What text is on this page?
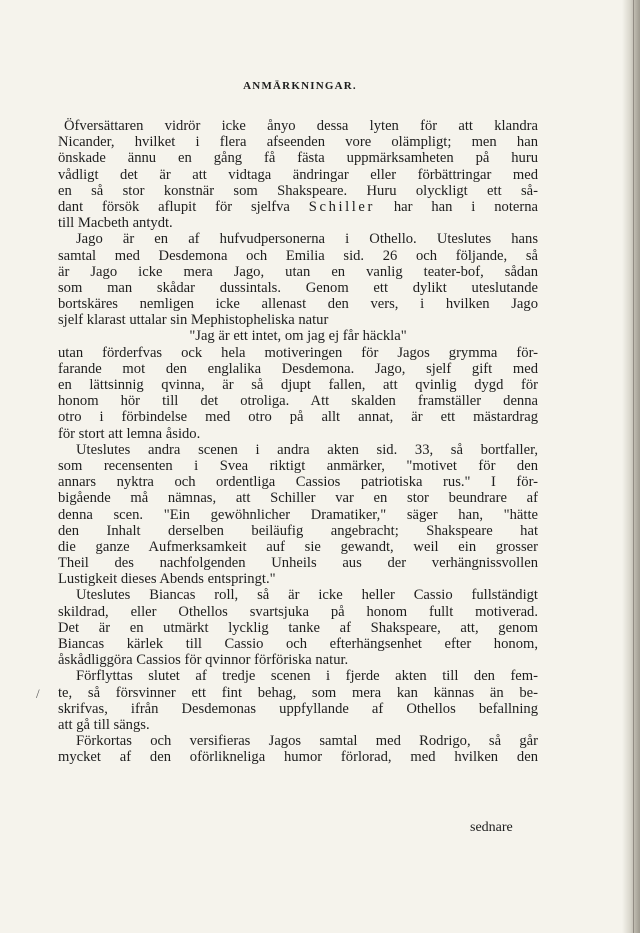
ANMÄRKNINGAR.
Öfversättaren vidrör icke ånyo dessa lyten för att klandra
Nicander, hvilket i flera afseenden vore olämpligt; men han
önskade ännu en gång få fästa uppmärksamheten på huru
vådligt det är att vidtaga ändringar eller förbättringar med
en så stor konstnär som Shakspeare. Huru olyckligt ett så-
dant försök aflupit för sjelfva Schiller har han i noterna
till Macbeth antydt.
Jago är en af hufvudpersonerna i Othello. Uteslutes hans
samtal med Desdemona och Emilia sid. 26 och följande, så
är Jago icke mera Jago, utan en vanlig teater-bof, sådan
som man skådar dussintals. Genom ett dylikt uteslutande
bortskäres nemligen icke allenast den vers, i hvilken Jago
sjelf klarast uttalar sin Mephistopheliska natur
"Jag är ett intet, om jag ej får häckla"
utan förderfvas ock hela motiveringen för Jagos grymma för-
farande mot den englalika Desdemona. Jago, sjelf gift med
en lättsinnig qvinna, är så djupt fallen, att qvinlig dygd för
honom hör till det otroliga. Att skalden framställer denna
otro i förbindelse med otro på allt annat, är ett mästardrag
för stort att lemna åsido.
Uteslutes andra scenen i andra akten sid. 33, så bortfaller,
som recensenten i Svea riktigt anmärker, "motivet för den
annars nyktra och ordentliga Cassios patriotiska rus." I för-
bigående må nämnas, att Schiller var en stor beundrare af
denna scen. "Ein gewöhnlicher Dramatiker," säger han, "hätte
den Inhalt derselben beiläufig angebracht; Shakspeare hat
die ganze Aufmerksamkeit auf sie gewandt, weil ein grosser
Theil des nachfolgenden Unheils aus der verhängnissvollen
Lustigkeit dieses Abends entspringt."
Uteslutes Biancas roll, så är icke heller Cassio fullständigt
skildrad, eller Othellos svartsjuka på honom fullt motiverad.
Det är en utmärkt lycklig tanke af Shakspeare, att, genom
Biancas kärlek till Cassio och efterhängsenhet efter honom,
åskådliggöra Cassios för qvinnor förföriska natur.
Förflyttas slutet af tredje scenen i fjerde akten till den fem-
te, så försvinner ett fint behag, som mera kan kännas än be-
skrifvas, ifrån Desdemonas uppfyllande af Othellos befallning
att gå till sängs.
Förkortas och versifieras Jagos samtal med Rodrigo, så går
mycket af den oförlikneliga humor förlorad, med hvilken den
/
sednare
